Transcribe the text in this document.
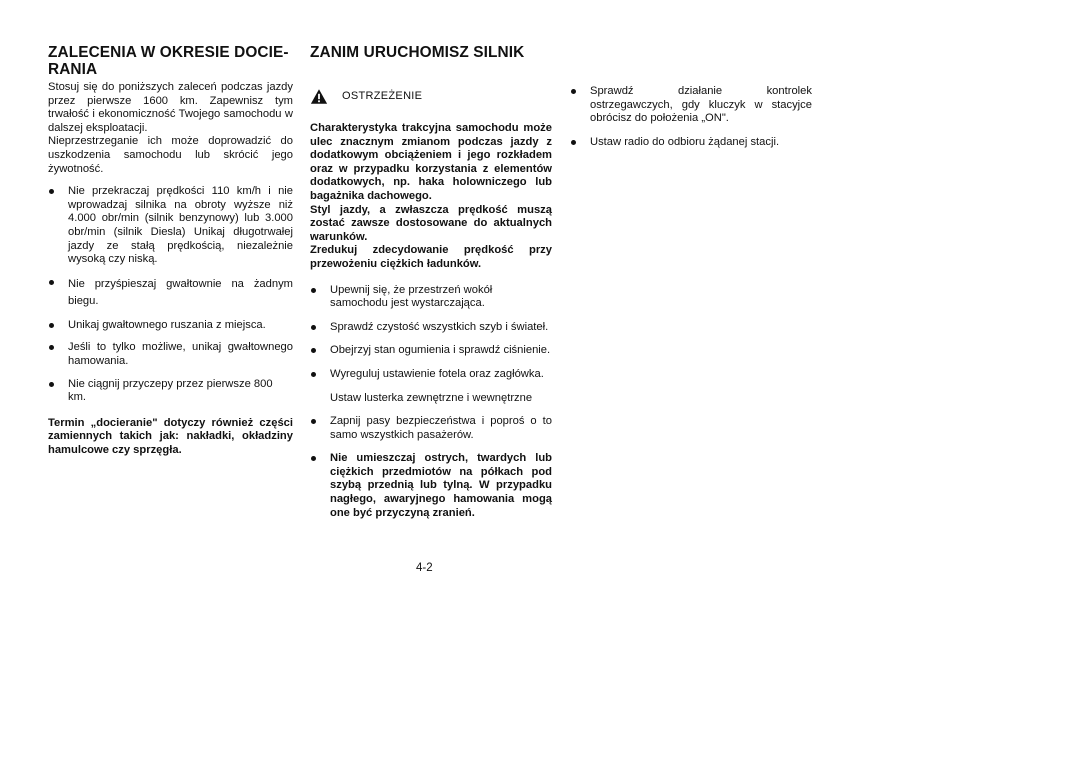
ZALECENIA W OKRESIE DOCIE-RANIA

Stosuj się do poniższych zaleceń podczas jazdy przez pierwsze 1600 km. Zapewnisz tym trwałość i ekonomiczność Twojego samochodu w dalszej eksploatacji.

Nieprzestrzeganie ich może doprowadzić do uszkodzenia samochodu lub skrócić jego żywotność.

Nie przekraczaj prędkości 110 km/h i nie wprowadzaj silnika na obroty wyższe niż 4.000 obr/min (silnik benzynowy) lub 3.000 obr/min (silnik Diesla) Unikaj długotrwałej jazdy ze stałą prędkością, niezależnie wysoką czy niską.
Nie przyśpieszaj gwałtownie na żadnym biegu.
Unikaj gwałtownego ruszania z miejsca.
Jeśli to tylko możliwe, unikaj gwałtownego hamowania.
Nie ciągnij przyczepy przez pierwsze 800 km.

Termin „docieranie" dotyczy również części zamiennych takich jak: nakładki, okładziny hamulcowe czy sprzęgła.

ZANIM URUCHOMISZ SILNIK
OSTRZEŻENIE

Charakterystyka trakcyjna samochodu może ulec znacznym zmianom podczas jazdy z dodatkowym obciążeniem i jego rozkładem oraz w przypadku korzystania z elementów dodatkowych, np. haka holowniczego lub bagażnika dachowego.

Styl jazdy, a zwłaszcza prędkość muszą zostać zawsze dostosowane do aktualnych warunków.

Zredukuj zdecydowanie prędkość przy przewożeniu ciężkich ładunków.

Upewnij się, że przestrzeń wokół samochodu jest wystarczająca.
Sprawdź czystość wszystkich szyb i świateł.
Obejrzyj stan ogumienia i sprawdź ciśnienie.
Wyreguluj ustawienie fotela oraz zagłówka.

Ustaw lusterka zewnętrzne i wewnętrzne

Zapnij pasy bezpieczeństwa i poproś o to samo wszystkich pasażerów.
Nie umieszczaj ostrych, twardych lub ciężkich przedmiotów na półkach pod szybą przednią lub tylną. W przypadku nagłego, awaryjnego hamowania mogą one być przyczyną zranień.
Sprawdź działanie kontrolek ostrzegawczych, gdy kluczyk w stacyjce obrócisz do położenia „ON".
Ustaw radio do odbioru żądanej stacji.
4-2
